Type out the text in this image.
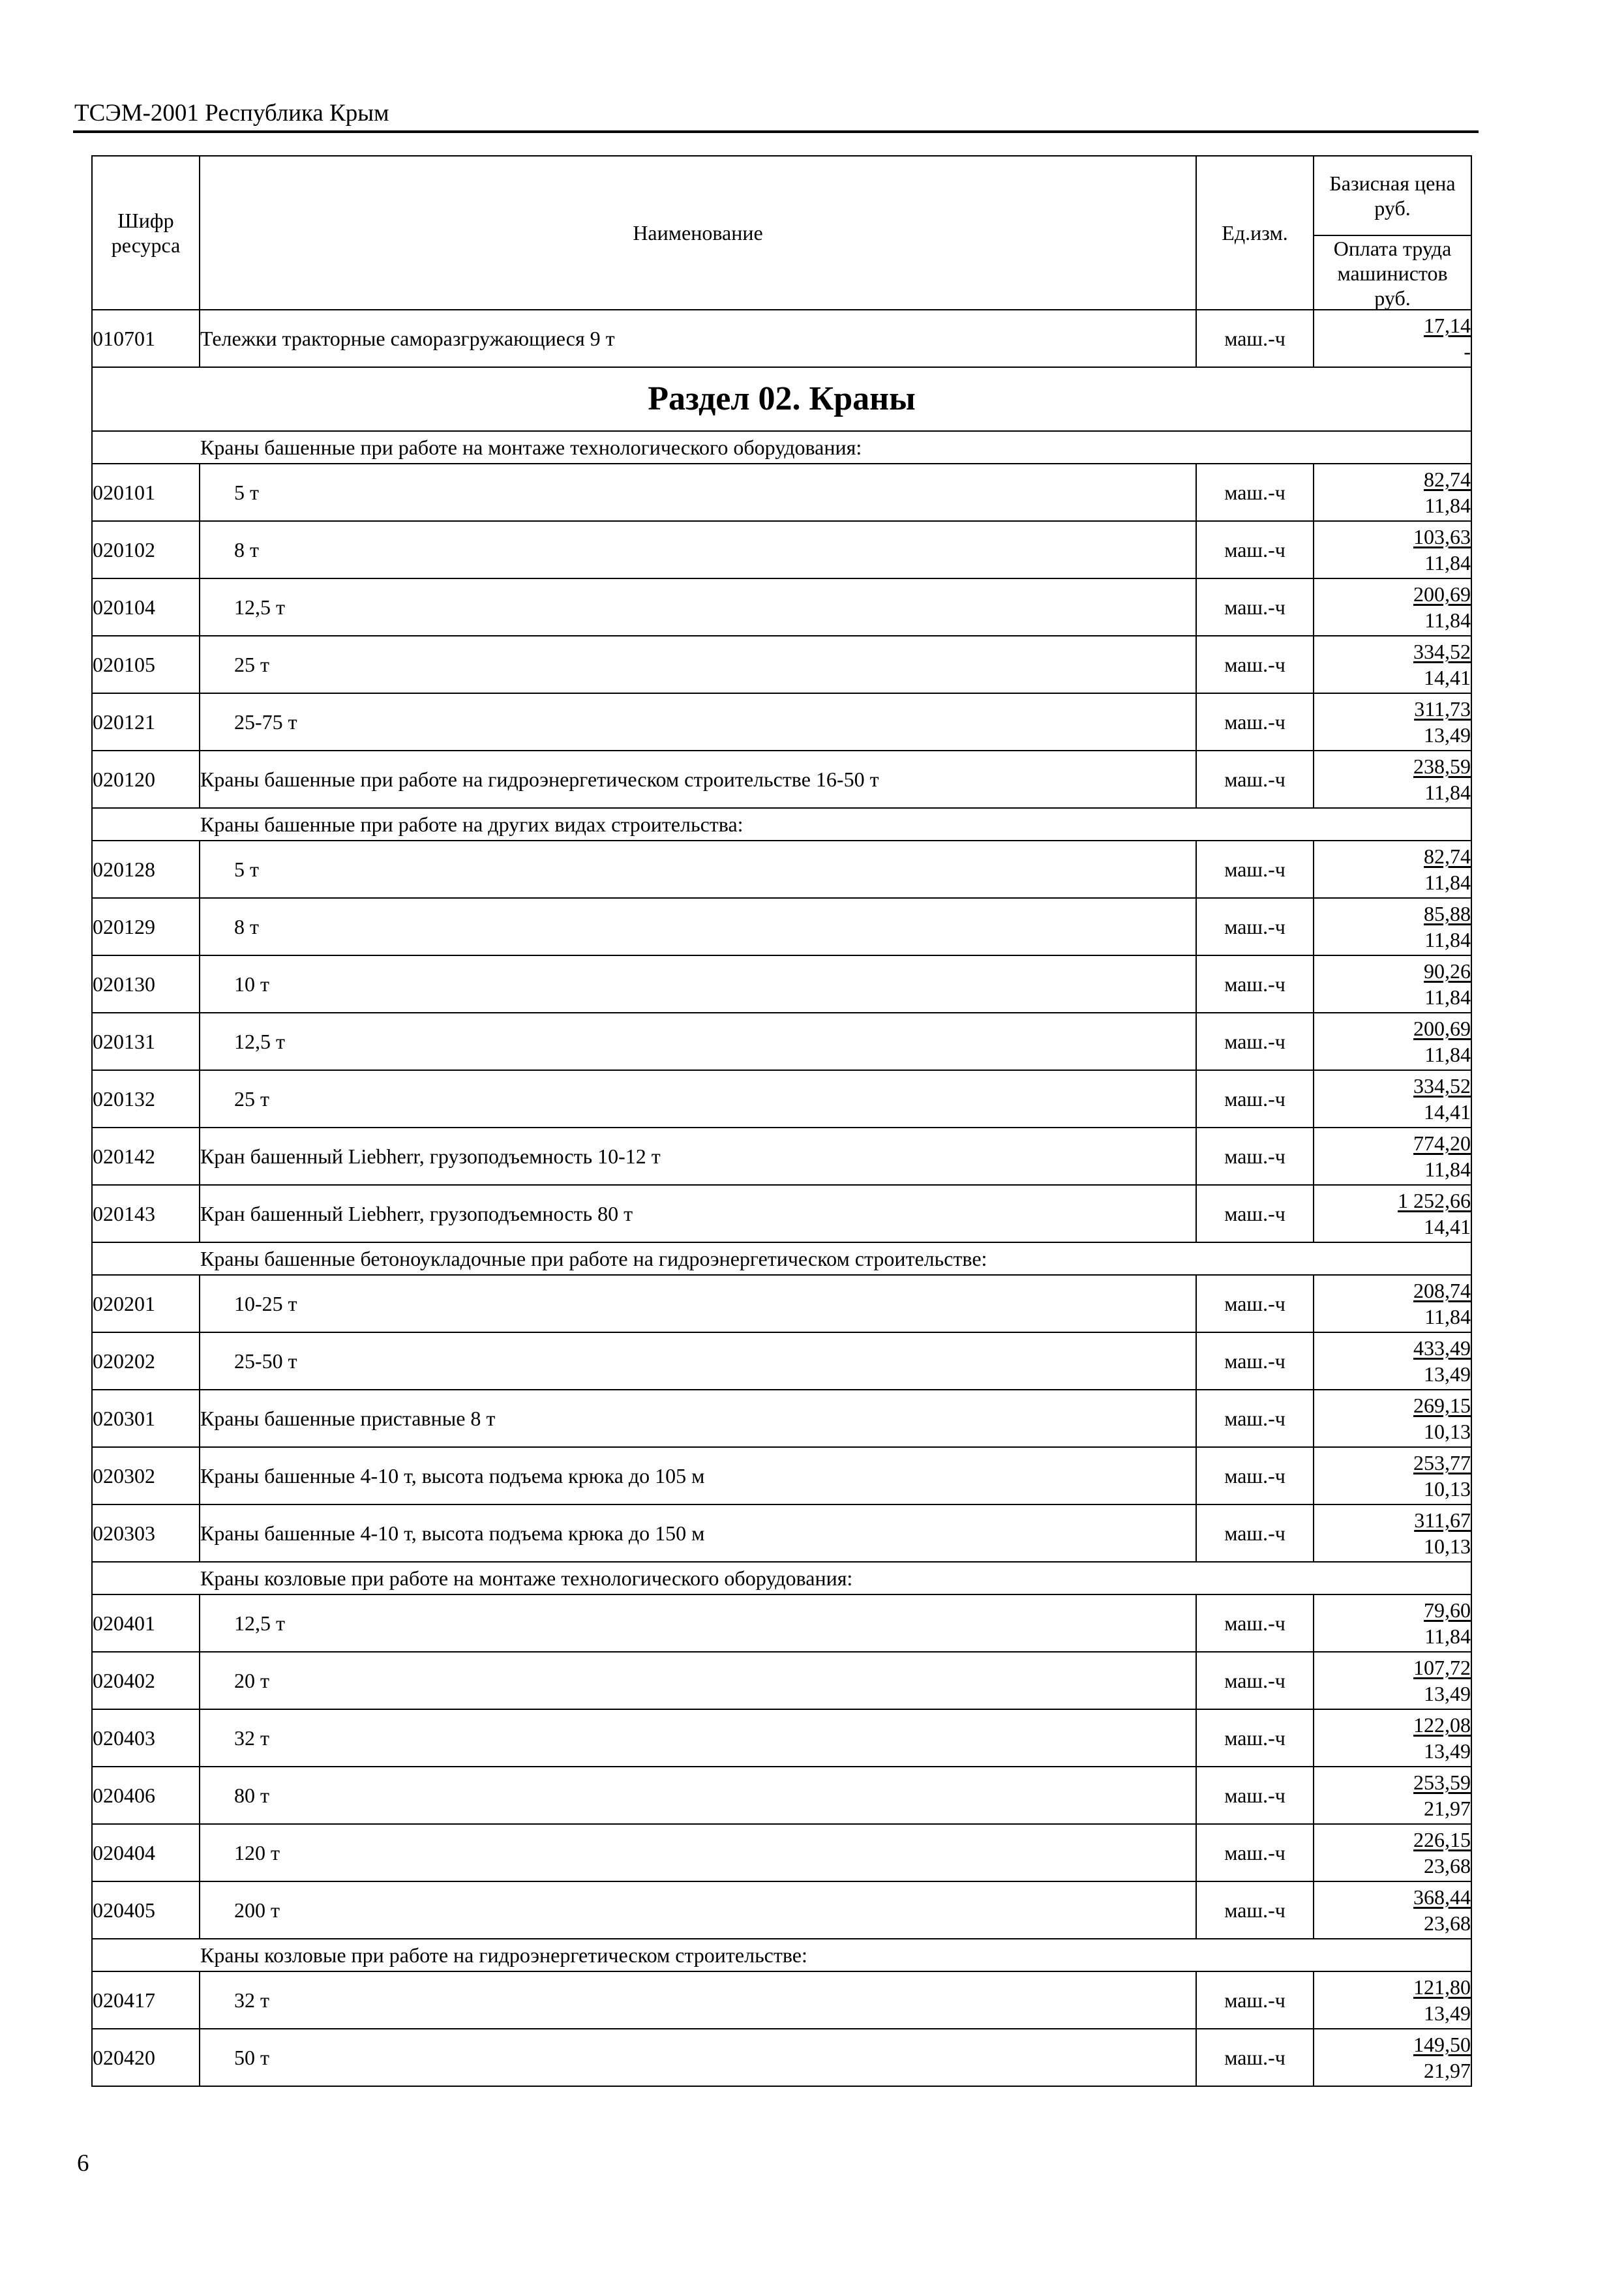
ТСЭМ-2001 Республика Крым
Шифр ресурса	Наименование	Ед.изм.	Базисная цена руб.
Оплата труда машинистов руб.

010701	Тележки тракторные саморазгружающиеся 9 т	маш.-ч	17,14
-

Раздел 02. Краны			
Краны башенные при работе на монтаже технологического оборудования:			
020101	5 т	маш.-ч	$\frac{82,74}{11,84}$

020102	8 т	маш.-ч	$\frac{103,63}{11,84}$

020104	12,5 т	маш.-ч	$\frac{200,69}{11,84}$

020105	25 т	маш.-ч	$\frac{334,52}{14,41}$

020121	25-75 т	маш.-ч	$\frac{311,73}{13,49}$

020120	Краны башенные при работе на гидроэнергетическом строительстве 16-50 т	маш.-ч	$\frac{238,59}{11,84}$

Краны башенные при работе на других видах строительства:			
020128	5 т	маш.-ч	$\frac{82,74}{11,84}$

020129	8 т	маш.-ч	$\frac{85,88}{11,84}$

020130	10 т	маш.-ч	$\frac{90,26}{11,84}$

020131	12,5 т	маш.-ч	$\frac{200,69}{11,84}$

020132	25 т	маш.-ч	$\frac{334,52}{14,41}$

020142	Кран башенный Liebherr, грузоподъемность 10-12 т	маш.-ч	$\frac{774,20}{11,84}$

020143	Кран башенный Liebherr, грузоподъемность 80 т	маш.-ч	$\frac{1 252,66}{14,41}$

Краны башенные бетоноукладочные при работе на гидроэнергетическом строительстве:			
020201	10-25 т	маш.-ч	$\frac{208,74}{11,84}$

020202	25-50 т	маш.-ч	$\frac{433,49}{13,49}$

020301	Краны башенные приставные 8 т	маш.-ч	$\frac{269,15}{10,13}$

020302	Краны башенные 4-10 т, высота подъема крюка до 105 м	маш.-ч	$\frac{253,77}{10,13}$

020303	Краны башенные 4-10 т, высота подъема крюка до 150 м	маш.-ч	$\frac{311,67}{10,13}$

Краны козловые при работе на монтаже технологического оборудования:			
020401	12,5 т	маш.-ч	$\frac{79,60}{11,84}$

020402	20 т	маш.-ч	$\frac{107,72}{13,49}$

020403	32 т	маш.-ч	$\frac{122,08}{13,49}$

020406	80 т	маш.-ч	$\frac{253,59}{21,97}$

020404	120 т	маш.-ч	$\frac{226,15}{23,68}$

020405	200 т	маш.-ч	$\frac{368,44}{23,68}$

Краны козловые при работе на гидроэнергетическом строительстве:			
020417	32 т	маш.-ч	$\frac{121,80}{13,49}$

020420	50 т	маш.-ч	$\frac{149,50}{21,97}$
6
